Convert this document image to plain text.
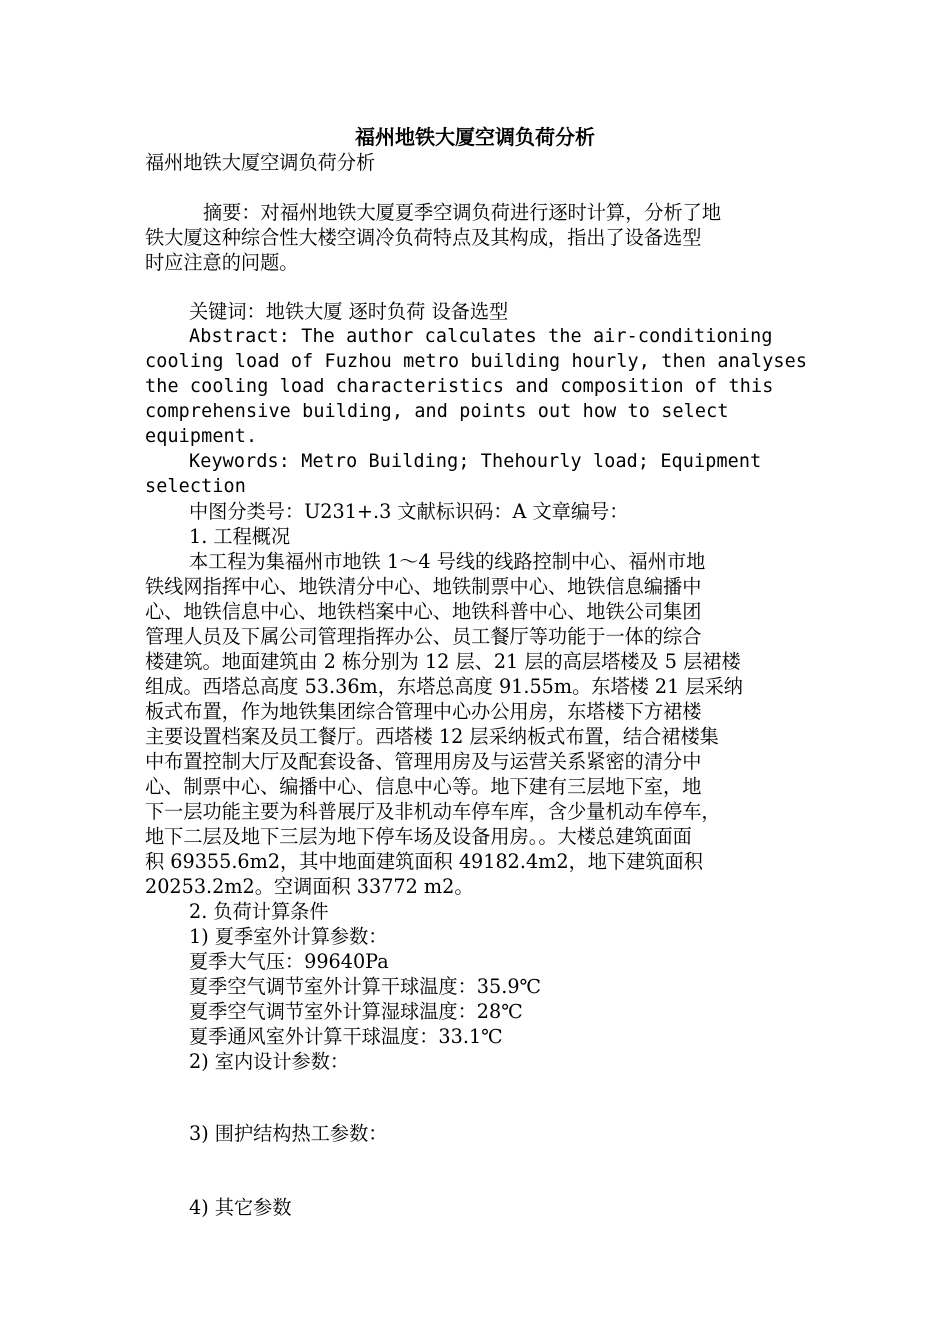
福州地铁大厦空调负荷分析
福州地铁大厦空调负荷分析
摘要：对福州地铁大厦夏季空调负荷进行逐时计算，分析了地
铁大厦这种综合性大楼空调冷负荷特点及其构成，指出了设备选型
时应注意的问题。
关键词：地铁大厦 逐时负荷 设备选型
Abstract: The author calculates the air-conditioning
cooling load of Fuzhou metro building hourly, then analyses
the cooling load characteristics and composition of this
comprehensive building, and points out how to select
equipment.
Keywords: Metro Building; Thehourly load; Equipment
selection
中图分类号：U231+.3 文献标识码：A 文章编号：
1. 工程概况
本工程为集福州市地铁 1～4 号线的线路控制中心、福州市地
铁线网指挥中心、地铁清分中心、地铁制票中心、地铁信息编播中
心、地铁信息中心、地铁档案中心、地铁科普中心、地铁公司集团
管理人员及下属公司管理指挥办公、员工餐厅等功能于一体的综合
楼建筑。地面建筑由 2 栋分别为 12 层、21 层的高层塔楼及 5 层裙楼
组成。西塔总高度 53.36m，东塔总高度 91.55m。东塔楼 21 层采纳
板式布置，作为地铁集团综合管理中心办公用房，东塔楼下方裙楼
主要设置档案及员工餐厅。西塔楼 12 层采纳板式布置，结合裙楼集
中布置控制大厅及配套设备、管理用房及与运营关系紧密的清分中
心、制票中心、编播中心、信息中心等。地下建有三层地下室，地
下一层功能主要为科普展厅及非机动车停车库，含少量机动车停车，
地下二层及地下三层为地下停车场及设备用房。。大楼总建筑面面
积 69355.6m2，其中地面建筑面积 49182.4m2，地下建筑面积
20253.2m2。空调面积 33772 m2。
2. 负荷计算条件
1) 夏季室外计算参数：
夏季大气压：99640Pa
夏季空气调节室外计算干球温度：35.9℃
夏季空气调节室外计算湿球温度：28℃
夏季通风室外计算干球温度：33.1℃
2) 室内设计参数：
3) 围护结构热工参数：
4) 其它参数
